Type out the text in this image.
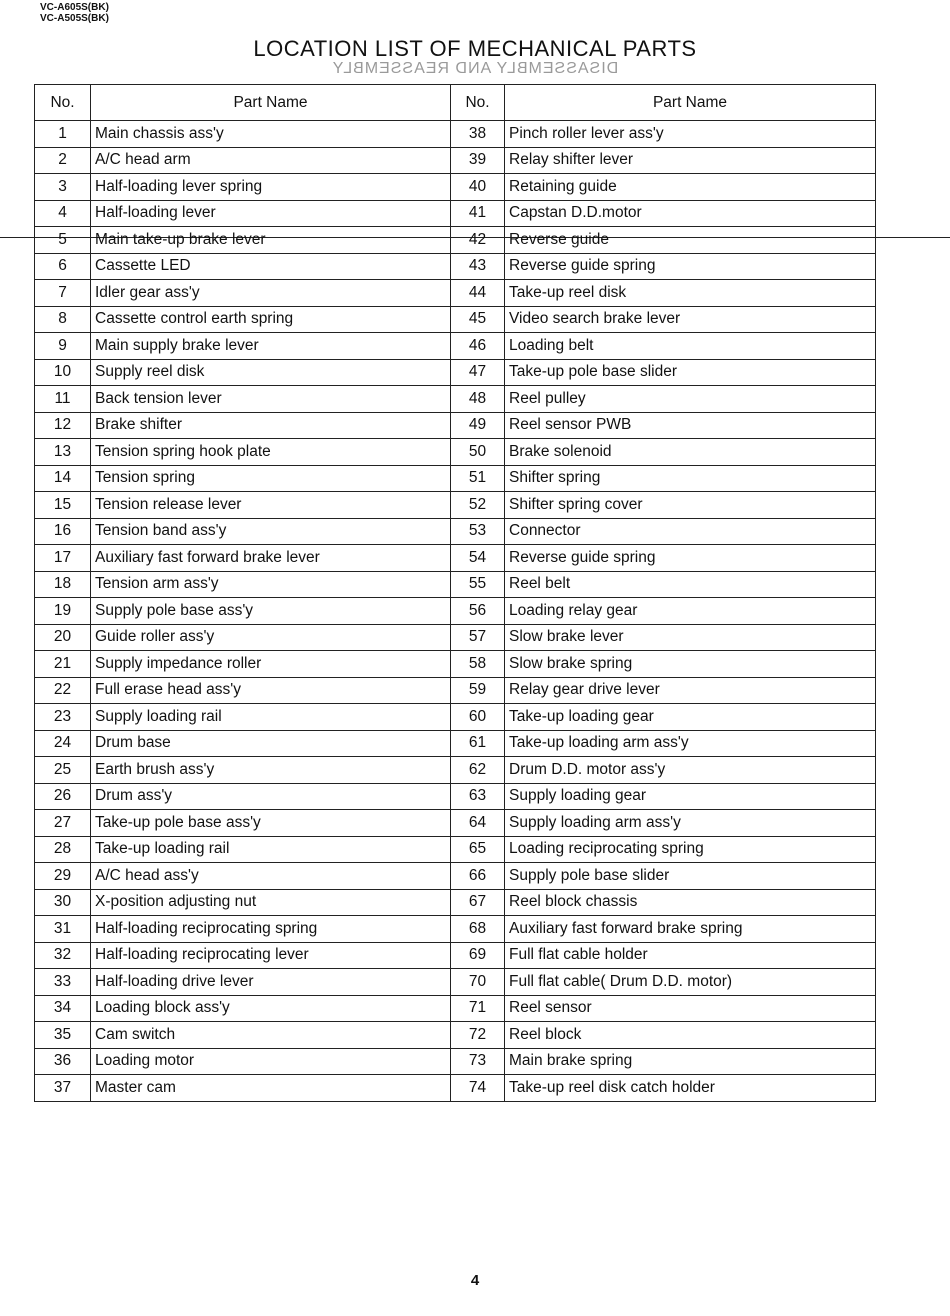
VC-A605S(BK)
VC-A505S(BK)
LOCATION LIST OF MECHANICAL PARTS
DISASSEMBLY AND REASSEMBLY
No.	Part Name	No.	Part Name
1	Main chassis ass'y	38	Pinch roller lever ass'y
2	A/C head arm	39	Relay shifter lever
3	Half-loading lever spring	40	Retaining guide
4	Half-loading lever	41	Capstan D.D.motor
5	Main take-up brake lever	42	Reverse guide
6	Cassette LED	43	Reverse guide spring
7	Idler gear ass'y	44	Take-up reel disk
8	Cassette control earth spring	45	Video search brake lever
9	Main supply brake lever	46	Loading belt
10	Supply reel disk	47	Take-up pole base slider
11	Back tension lever	48	Reel pulley
12	Brake shifter	49	Reel sensor PWB
13	Tension spring hook plate	50	Brake solenoid
14	Tension spring	51	Shifter spring
15	Tension release lever	52	Shifter spring cover
16	Tension band ass'y	53	Connector
17	Auxiliary fast forward brake lever	54	Reverse guide spring
18	Tension arm ass'y	55	Reel belt
19	Supply pole base ass'y	56	Loading relay gear
20	Guide roller ass'y	57	Slow brake lever
21	Supply impedance roller	58	Slow brake spring
22	Full erase head ass'y	59	Relay gear drive lever
23	Supply loading rail	60	Take-up loading gear
24	Drum base	61	Take-up loading arm ass'y
25	Earth brush ass'y	62	Drum D.D. motor ass'y
26	Drum ass'y	63	Supply loading gear
27	Take-up pole base ass'y	64	Supply loading arm ass'y
28	Take-up loading rail	65	Loading reciprocating spring
29	A/C head ass'y	66	Supply pole base slider
30	X-position adjusting nut	67	Reel block chassis
31	Half-loading reciprocating spring	68	Auxiliary fast forward brake spring
32	Half-loading reciprocating lever	69	Full flat cable holder
33	Half-loading drive lever	70	Full flat cable( Drum D.D. motor)
34	Loading block ass'y	71	Reel sensor
35	Cam switch	72	Reel block
36	Loading motor	73	Main brake spring
37	Master cam	74	Take-up reel disk catch holder
4
